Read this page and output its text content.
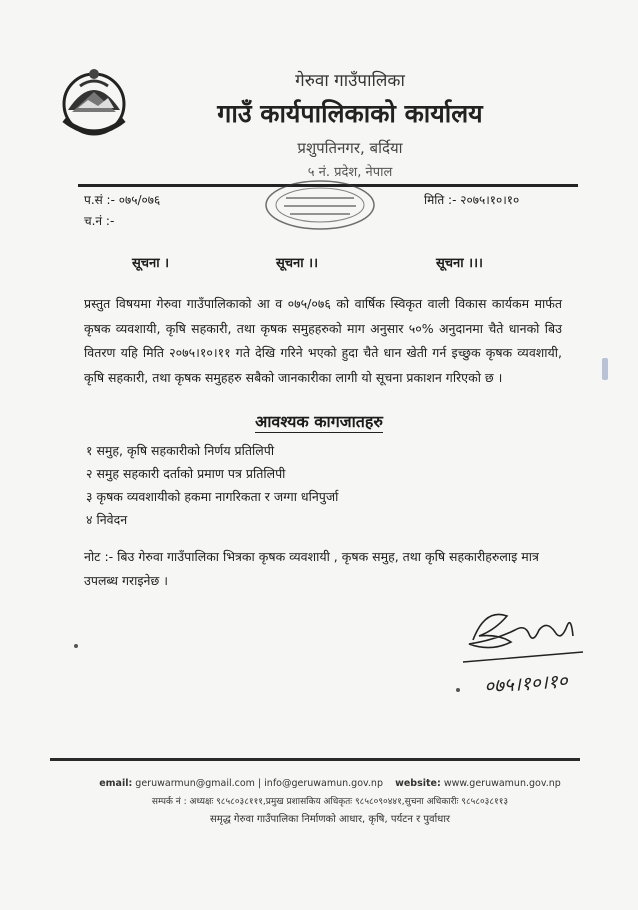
गेरुवा गाउँपालिका
गाउँ कार्यपालिकाको कार्यालय
प्रशुपतिनगर, बर्दिया
५ नं. प्रदेश, नेपाल
प.सं :- ०७५/०७६
च.नं :-
मिति :- २०७५।१०।१०
सूचना ।	सूचना ।।	सूचना ।।।
प्रस्तुत विषयमा गेरुवा गाउँपालिकाको आ व ०७५/०७६ को वार्षिक स्विकृत वाली विकास कार्यकम मार्फत कृषक व्यवशायी, कृषि सहकारी, तथा कृषक समुहहरुको माग अनुसार ५०% अनुदानमा चैते धानको बिउ वितरण यहि मिति २०७५।१०।११ गते देखि गरिने भएको हुदा चैते धान खेती गर्न इच्छुक कृषक व्यवशायी, कृषि सहकारी, तथा कृषक समुहहरु सबैको जानकारीका लागी यो सूचना प्रकाशन गरिएको छ ।
आवश्यक कागजातहरु
१ समुह, कृषि सहकारीको निर्णय प्रतिलिपी
२ समुह सहकारी दर्ताको प्रमाण पत्र प्रतिलिपी
३ कृषक व्यवशायीको हकमा नागरिकता र जग्गा धनिपुर्जा
४ निवेदन
नोट :- बिउ गेरुवा गाउँपालिका भित्रका कृषक व्यवशायी , कृषक समुह, तथा कृषि सहकारीहरुलाइ मात्र उपलब्ध गराइनेछ ।
०७५।१०।१०
email: geruwarmun@gmail.com | info@geruwamun.gov.np website: www.geruwamun.gov.np
सम्पर्क नं : अध्यक्षः ९८५८०३८१११,प्रमुख प्रशासकिय अधिकृतः ९८५८०९०४४१,सुचना अधिकारीः ९८५८०३८११३
समृद्ध गेरुवा गाउँपालिका निर्माणको आधार, कृषि, पर्यटन र पुर्वाधार
